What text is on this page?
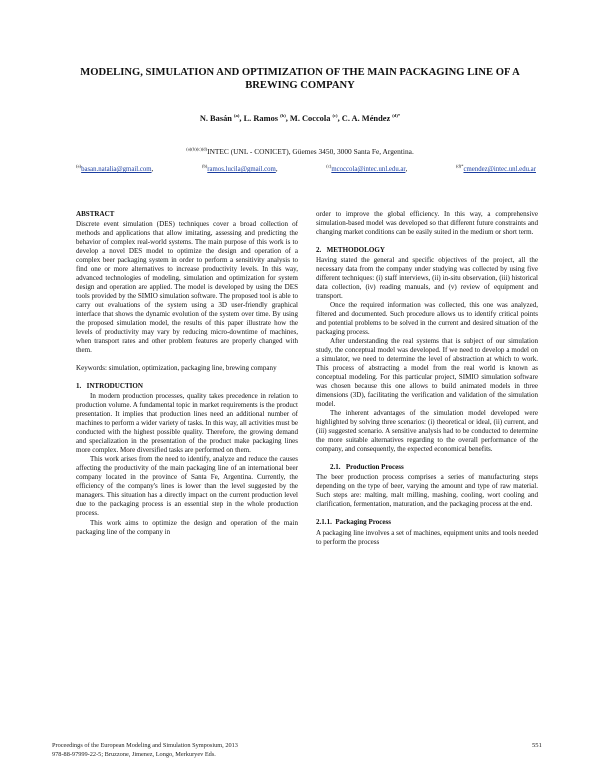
MODELING, SIMULATION AND OPTIMIZATION OF THE MAIN PACKAGING LINE OF A BREWING COMPANY
N. Basán $^{(a)}$, L. Ramos $^{(b)}$, M. Coccola $^{(c)}$, C. A. Méndez $^{(d)*}$
$^{(a)(b)(c)(d)}$INTEC (UNL - CONICET), Güemes 3450, 3000 Santa Fe, Argentina.
$^{(a)}$basan.natalia@gmail.com,	$^{(b)}$ramos.lucila@gmail.com,	$^{(c)}$mcoccola@intec.unl.edu.ar,	$^{(d)*}$cmendez@intec.unl.edu.ar
ABSTRACT

Discrete event simulation (DES) techniques cover a broad collection of methods and applications that allow imitating, assessing and predicting the behavior of complex real-world systems. The main purpose of this work is to develop a novel DES model to optimize the design and operation of a complex beer packaging system in order to perform a sensitivity analysis to find one or more alternatives to increase productivity levels. In this way, advanced technologies of modeling, simulation and optimization for system design and operation are applied. The model is developed by using the DES tools provided by the SIMIO simulation software. The proposed tool is able to carry out evaluations of the system using a 3D user-friendly graphical interface that shows the dynamic evolution of the system over time. By using the proposed simulation model, the results of this paper illustrate how the levels of productivity may vary by reducing micro-downtime of machines, when transport rates and other problem features are properly changed with them.

Keywords: simulation, optimization, packaging line, brewing company

1.   INTRODUCTION

In modern production processes, quality takes precedence in relation to production volume. A fundamental topic in market requirements is the product presentation. It implies that production lines need an additional number of machines to perform a wider variety of tasks. In this way, all activities must be conducted with the highest possible quality. Therefore, the growing demand and specialization in the presentation of the product make packaging lines more complex. More diversified tasks are performed on them.

This work arises from the need to identify, analyze and reduce the causes affecting the productivity of the main packaging line of an international beer company located in the province of Santa Fe, Argentina. Currently, the efficiency of the company's lines is lower than the level suggested by the managers. This situation has a directly impact on the current production level due to the packaging process is an essential step in the whole production process.

This work aims to optimize the design and operation of the main packaging line of the company in

order to improve the global efficiency. In this way, a comprehensive simulation-based model was developed so that different future constraints and changing market conditions can be easily suited in the medium or short term.

2.   METHODOLOGY

Having stated the general and specific objectives of the project, all the necessary data from the company under studying was collected by using five different techniques: (i) staff interviews, (ii) in-situ observation, (iii) historical data collection, (iv) reading manuals, and (v) review of equipment and transport.

Once the required information was collected, this one was analyzed, filtered and documented. Such procedure allows us to identify critical points and potential problems to be solved in the current and desired situation of the packaging process.

After understanding the real systems that is subject of our simulation study, the conceptual model was developed. If we need to develop a model on a simulator, we need to determine the level of abstraction at which to work. This process of abstracting a model from the real world is known as conceptual modeling. For this particular project, SIMIO simulation software was chosen because this one allows to build animated models in three dimensions (3D), facilitating the verification and validation of the simulation model.

The inherent advantages of the simulation model developed were highlighted by solving three scenarios: (i) theoretical or ideal, (ii) current, and (iii) suggested scenario. A sensitive analysis had to be conducted to determine the more suitable alternatives regarding to the overall performance of the company, and consequently, the expected economical benefits.

2.1.   Production Process

The beer production process comprises a series of manufacturing steps depending on the type of beer, varying the amount and type of raw material. Such steps are: malting, malt milling, mashing, cooling, wort cooling and clarification, fermentation, maturation, and the packaging process at the end.

2.1.1.  Packaging Process

A packaging line involves a set of machines, equipment units and tools needed to perform the process

Proceedings of the European Modeling and Simulation Symposium, 2013
978-88-97999-22-5; Bruzzone, Jimenez, Longo, Merkuryev Eds.
551
